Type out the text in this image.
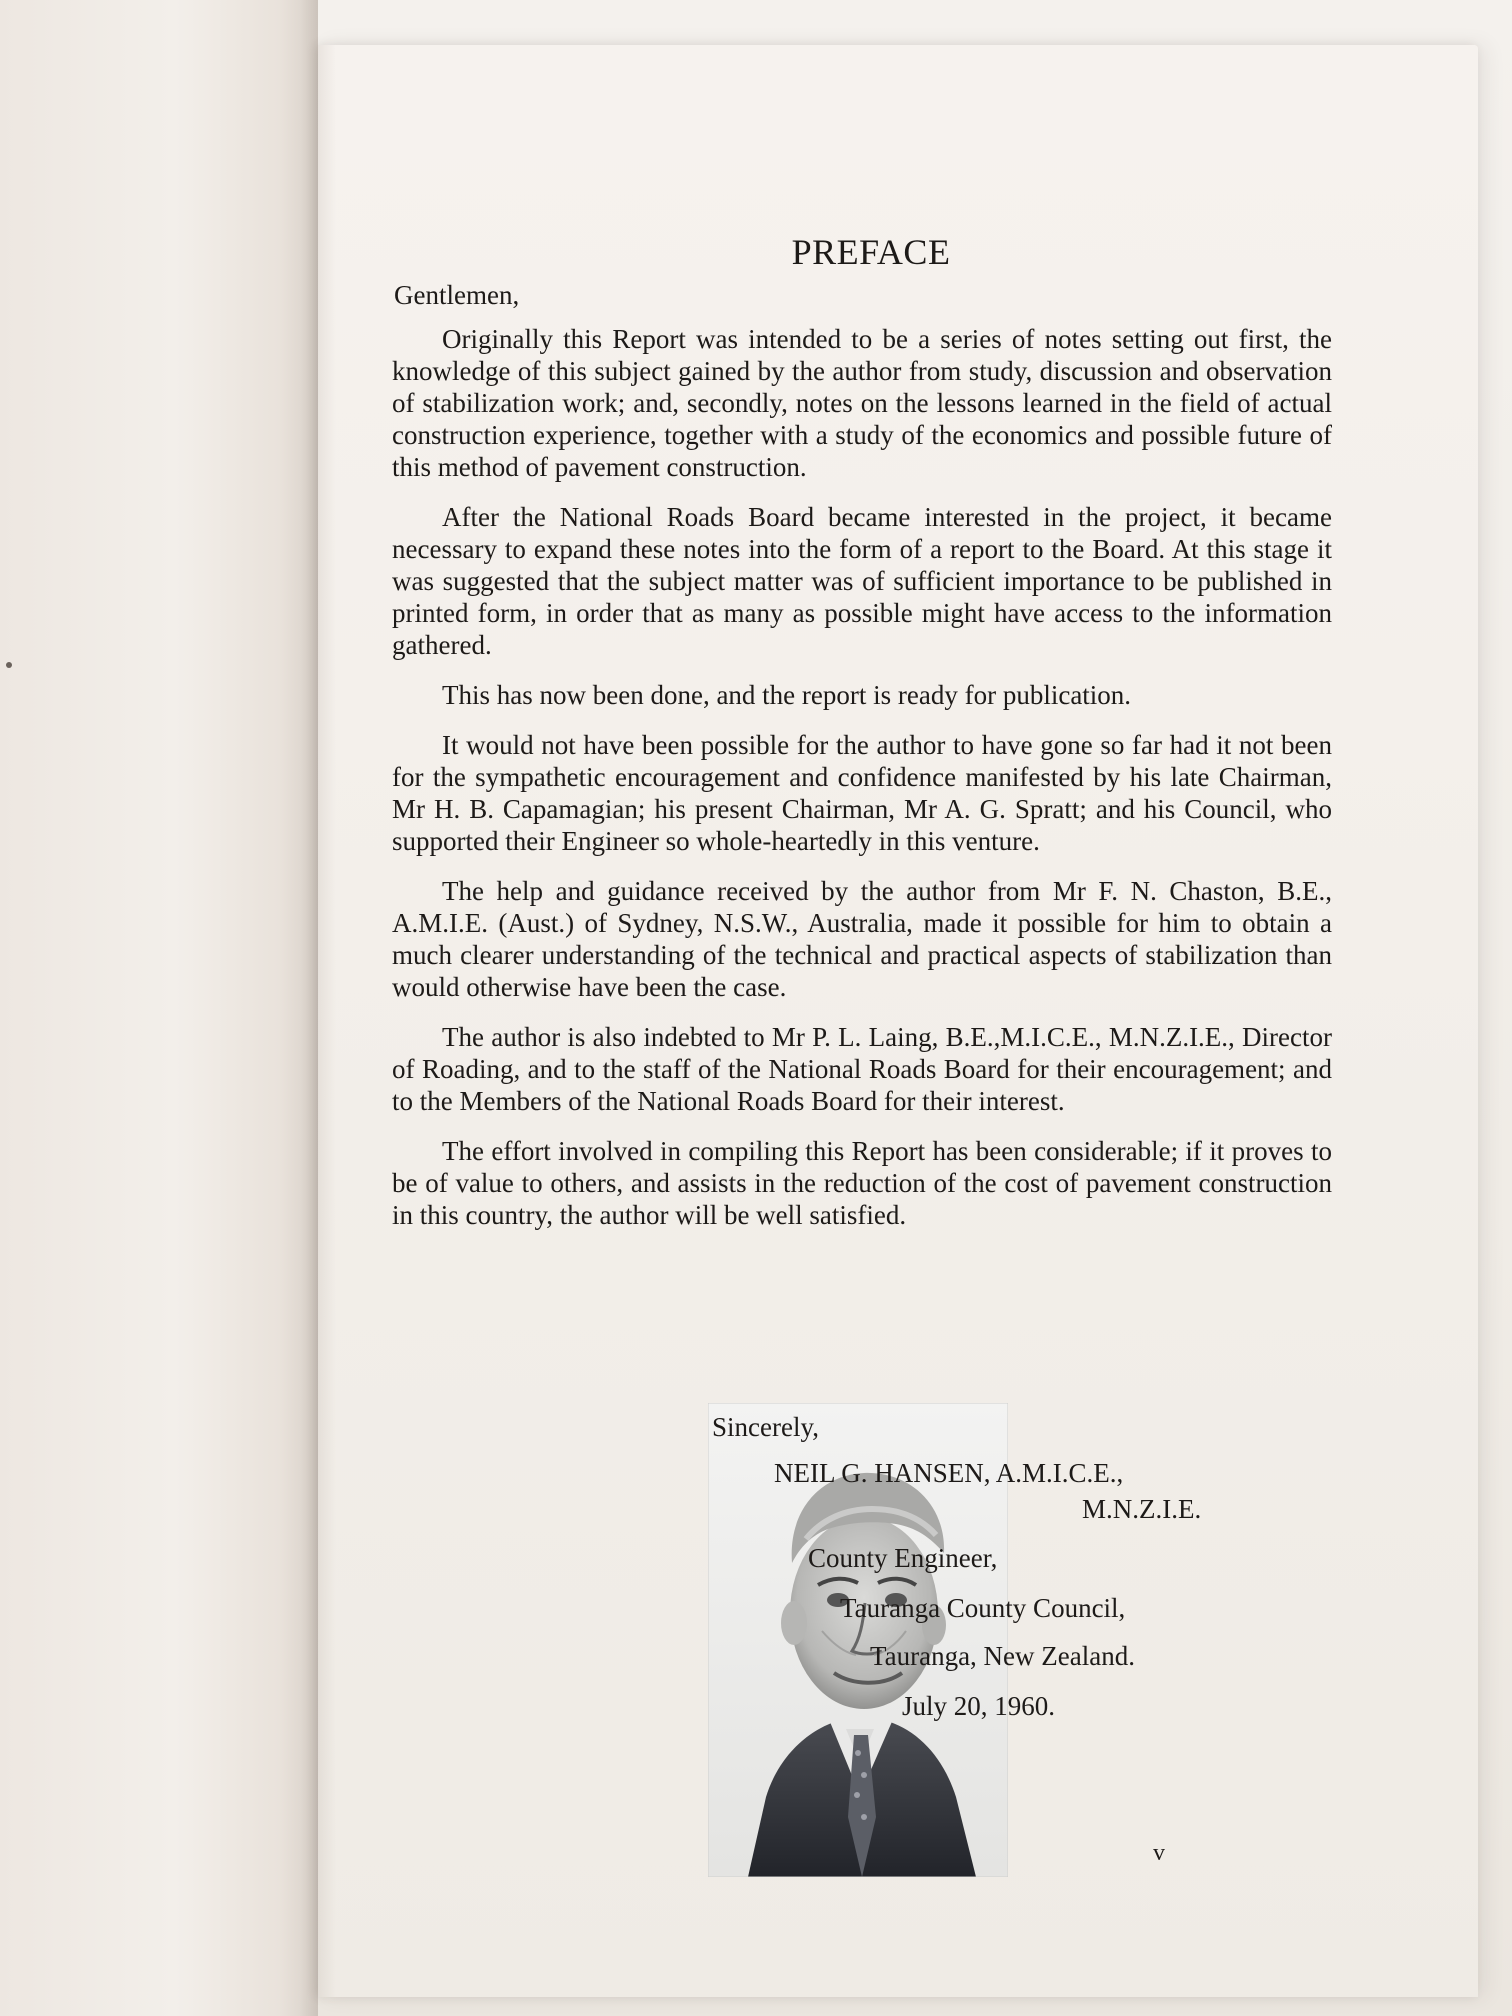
PREFACE
Gentlemen,

Originally this Report was intended to be a series of notes setting out first, the knowledge of this subject gained by the author from study, discussion and observation of stabilization work; and, secondly, notes on the lessons learned in the field of actual construction experience, together with a study of the economics and possible future of this method of pavement construction.

After the National Roads Board became interested in the project, it became necessary to expand these notes into the form of a report to the Board. At this stage it was suggested that the subject matter was of sufficient importance to be published in printed form, in order that as many as possible might have access to the information gathered.

This has now been done, and the report is ready for publication.

It would not have been possible for the author to have gone so far had it not been for the sympathetic encouragement and confidence manifested by his late Chairman, Mr H. B. Capamagian; his present Chairman, Mr A. G. Spratt; and his Council, who supported their Engineer so whole-heartedly in this venture.

The help and guidance received by the author from Mr F. N. Chaston, B.E., A.M.I.E. (Aust.) of Sydney, N.S.W., Australia, made it possible for him to obtain a much clearer understanding of the technical and practical aspects of stabilization than would otherwise have been the case.

The author is also indebted to Mr P. L. Laing, B.E.,M.I.C.E., M.N.Z.I.E., Director of Roading, and to the staff of the National Roads Board for their encouragement; and to the Members of the National Roads Board for their interest.

The effort involved in compiling this Report has been considerable; if it proves to be of value to others, and assists in the reduction of the cost of pavement construction in this country, the author will be well satisfied.

Sincerely,
NEIL G. HANSEN, A.M.I.C.E.,
M.N.Z.I.E.
County Engineer,
Tauranga County Council,
Tauranga, New Zealand.
July 20, 1960.
v
